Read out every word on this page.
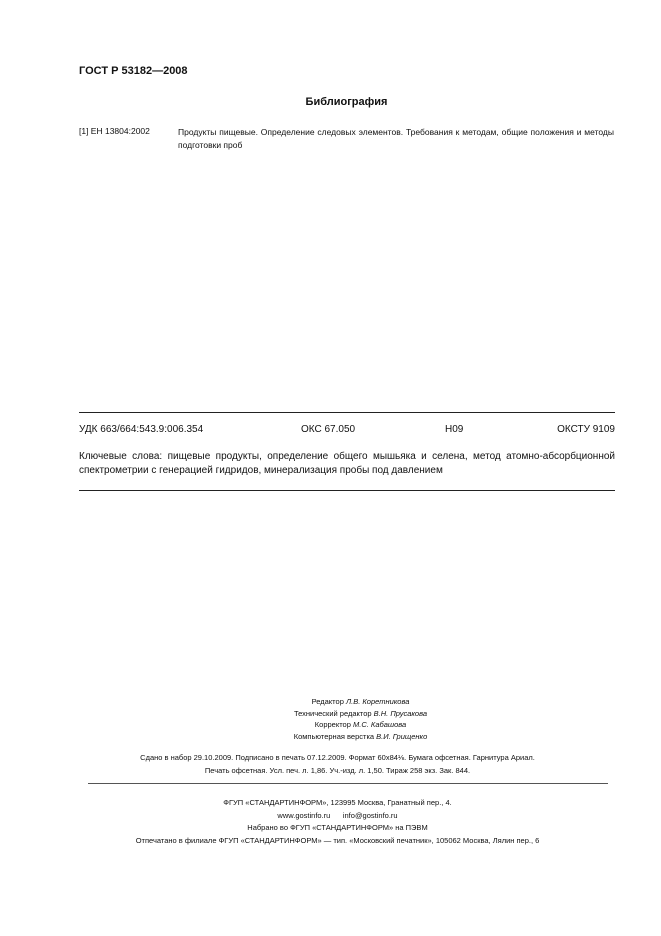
ГОСТ Р 53182—2008
Библиография
[1] ЕН 13804:2002	Продукты пищевые. Определение следовых элементов. Требования к методам, общие положения и методы подготовки проб
УДК 663/664:543.9:006.354	ОКС 67.050	Н09	ОКСТУ 9109
Ключевые слова: пищевые продукты, определение общего мышьяка и селена, метод атомно-абсорбционной спектрометрии с генерацией гидридов, минерализация пробы под давлением
Редактор Л.В. Коретникова
Технический редактор В.Н. Прусакова
Корректор М.С. Кабашова
Компьютерная верстка В.И. Грищенко
Сдано в набор 29.10.2009. Подписано в печать 07.12.2009. Формат 60х84⅛. Бумага офсетная. Гарнитура Ариал.
Печать офсетная. Усл. печ. л. 1,86. Уч.-изд. л. 1,50. Тираж 258 экз. Зак. 844.
ФГУП «СТАНДАРТИНФОРМ», 123995 Москва, Гранатный пер., 4.
www.gostinfo.ru      info@gostinfo.ru
Набрано во ФГУП «СТАНДАРТИНФОРМ» на ПЭВМ
Отпечатано в филиале ФГУП «СТАНДАРТИНФОРМ» — тип. «Московский печатник», 105062 Москва, Лялин пер., 6
